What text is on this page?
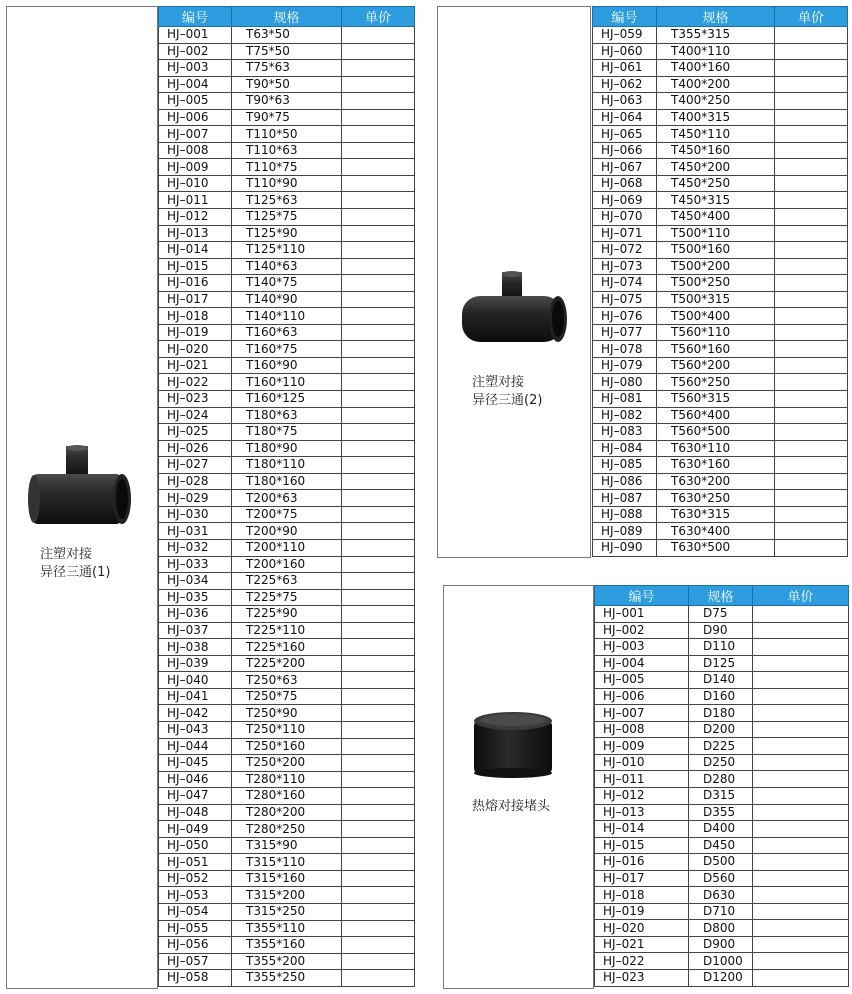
注塑对接
异径三通(1)
编号	规格	单价
HJ–001	T63*50	
HJ–002	T75*50	
HJ–003	T75*63	
HJ–004	T90*50	
HJ–005	T90*63	
HJ–006	T90*75	
HJ–007	T110*50	
HJ–008	T110*63	
HJ–009	T110*75	
HJ–010	T110*90	
HJ–011	T125*63	
HJ–012	T125*75	
HJ–013	T125*90	
HJ–014	T125*110	
HJ–015	T140*63	
HJ–016	T140*75	
HJ–017	T140*90	
HJ–018	T140*110	
HJ–019	T160*63	
HJ–020	T160*75	
HJ–021	T160*90	
HJ–022	T160*110	
HJ–023	T160*125	
HJ–024	T180*63	
HJ–025	T180*75	
HJ–026	T180*90	
HJ–027	T180*110	
HJ–028	T180*160	
HJ–029	T200*63	
HJ–030	T200*75	
HJ–031	T200*90	
HJ–032	T200*110	
HJ–033	T200*160	
HJ–034	T225*63	
HJ–035	T225*75	
HJ–036	T225*90	
HJ–037	T225*110	
HJ–038	T225*160	
HJ–039	T225*200	
HJ–040	T250*63	
HJ–041	T250*75	
HJ–042	T250*90	
HJ–043	T250*110	
HJ–044	T250*160	
HJ–045	T250*200	
HJ–046	T280*110	
HJ–047	T280*160	
HJ–048	T280*200	
HJ–049	T280*250	
HJ–050	T315*90	
HJ–051	T315*110	
HJ–052	T315*160	
HJ–053	T315*200	
HJ–054	T315*250	
HJ–055	T355*110	
HJ–056	T355*160	
HJ–057	T355*200	
HJ–058	T355*250	
注塑对接
异径三通(2)
编号	规格	单价
HJ–059	T355*315	
HJ–060	T400*110	
HJ–061	T400*160	
HJ–062	T400*200	
HJ–063	T400*250	
HJ–064	T400*315	
HJ–065	T450*110	
HJ–066	T450*160	
HJ–067	T450*200	
HJ–068	T450*250	
HJ–069	T450*315	
HJ–070	T450*400	
HJ–071	T500*110	
HJ–072	T500*160	
HJ–073	T500*200	
HJ–074	T500*250	
HJ–075	T500*315	
HJ–076	T500*400	
HJ–077	T560*110	
HJ–078	T560*160	
HJ–079	T560*200	
HJ–080	T560*250	
HJ–081	T560*315	
HJ–082	T560*400	
HJ–083	T560*500	
HJ–084	T630*110	
HJ–085	T630*160	
HJ–086	T630*200	
HJ–087	T630*250	
HJ–088	T630*315	
HJ–089	T630*400	
HJ–090	T630*500	
热熔对接堵头
编号	规格	单价
HJ–001	D75	
HJ–002	D90	
HJ–003	D110	
HJ–004	D125	
HJ–005	D140	
HJ–006	D160	
HJ–007	D180	
HJ–008	D200	
HJ–009	D225	
HJ–010	D250	
HJ–011	D280	
HJ–012	D315	
HJ–013	D355	
HJ–014	D400	
HJ–015	D450	
HJ–016	D500	
HJ–017	D560	
HJ–018	D630	
HJ–019	D710	
HJ–020	D800	
HJ–021	D900	
HJ–022	D1000	
HJ–023	D1200	
